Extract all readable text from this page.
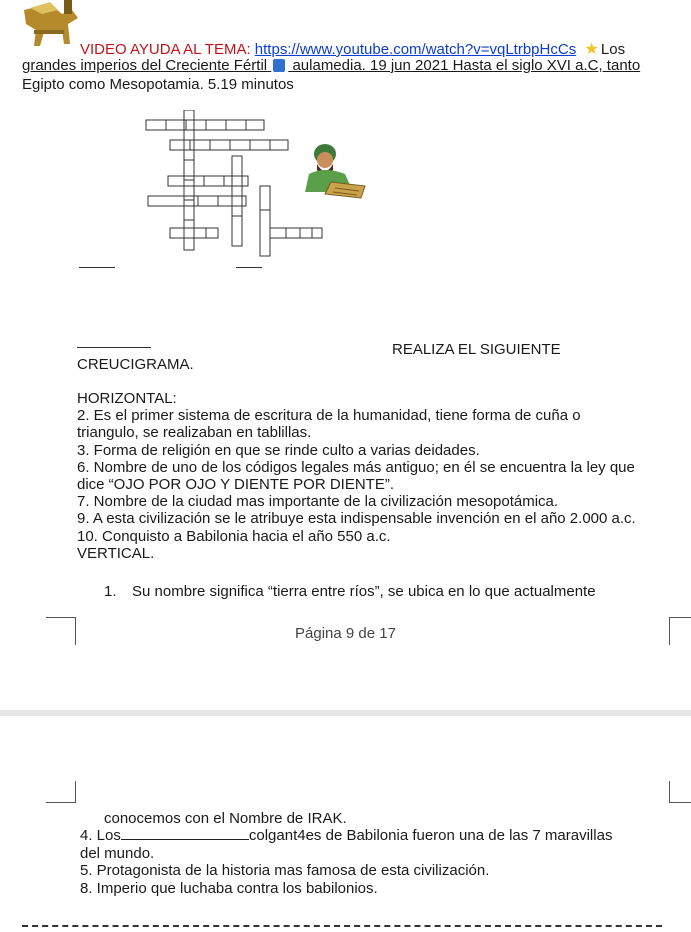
VIDEO AYUDA AL TEMA: https://www.youtube.com/watch?v=vqLtrbpHcCs ★ Los
grandes imperios del Creciente Fértil aulamedia. 19 jun 2021 Hasta el siglo XVI a.C, tanto
Egipto como Mesopotamia. 5.19 minutos
REALIZA EL SIGUIENTE
CREUCIGRAMA.

HORIZONTAL:

2. Es el primer sistema de escritura de la humanidad, tiene forma de cuña o

triangulo, se realizaban en tablillas.

3. Forma de religión en que se rinde culto a varias deidades.

6. Nombre de uno de los códigos legales más antiguo; en él se encuentra la ley que

dice “OJO POR OJO Y DIENTE POR DIENTE”.

7. Nombre de la ciudad mas importante de la civilización mesopotámica.

9. A esta civilización se le atribuye esta indispensable invención en el año 2.000 a.c.

10. Conquisto a Babilonia hacia el año 550 a.c.

VERTICAL.

1. Su nombre significa “tierra entre ríos”, se ubica en lo que actualmente
Página 9 de 17

conocemos con el Nombre de IRAK.

4. Los	colgant4es de Babilonia fueron una de las 7 maravillas

del mundo.

5. Protagonista de la historia mas famosa de esta civilización.

8. Imperio que luchaba contra los babilonios.
